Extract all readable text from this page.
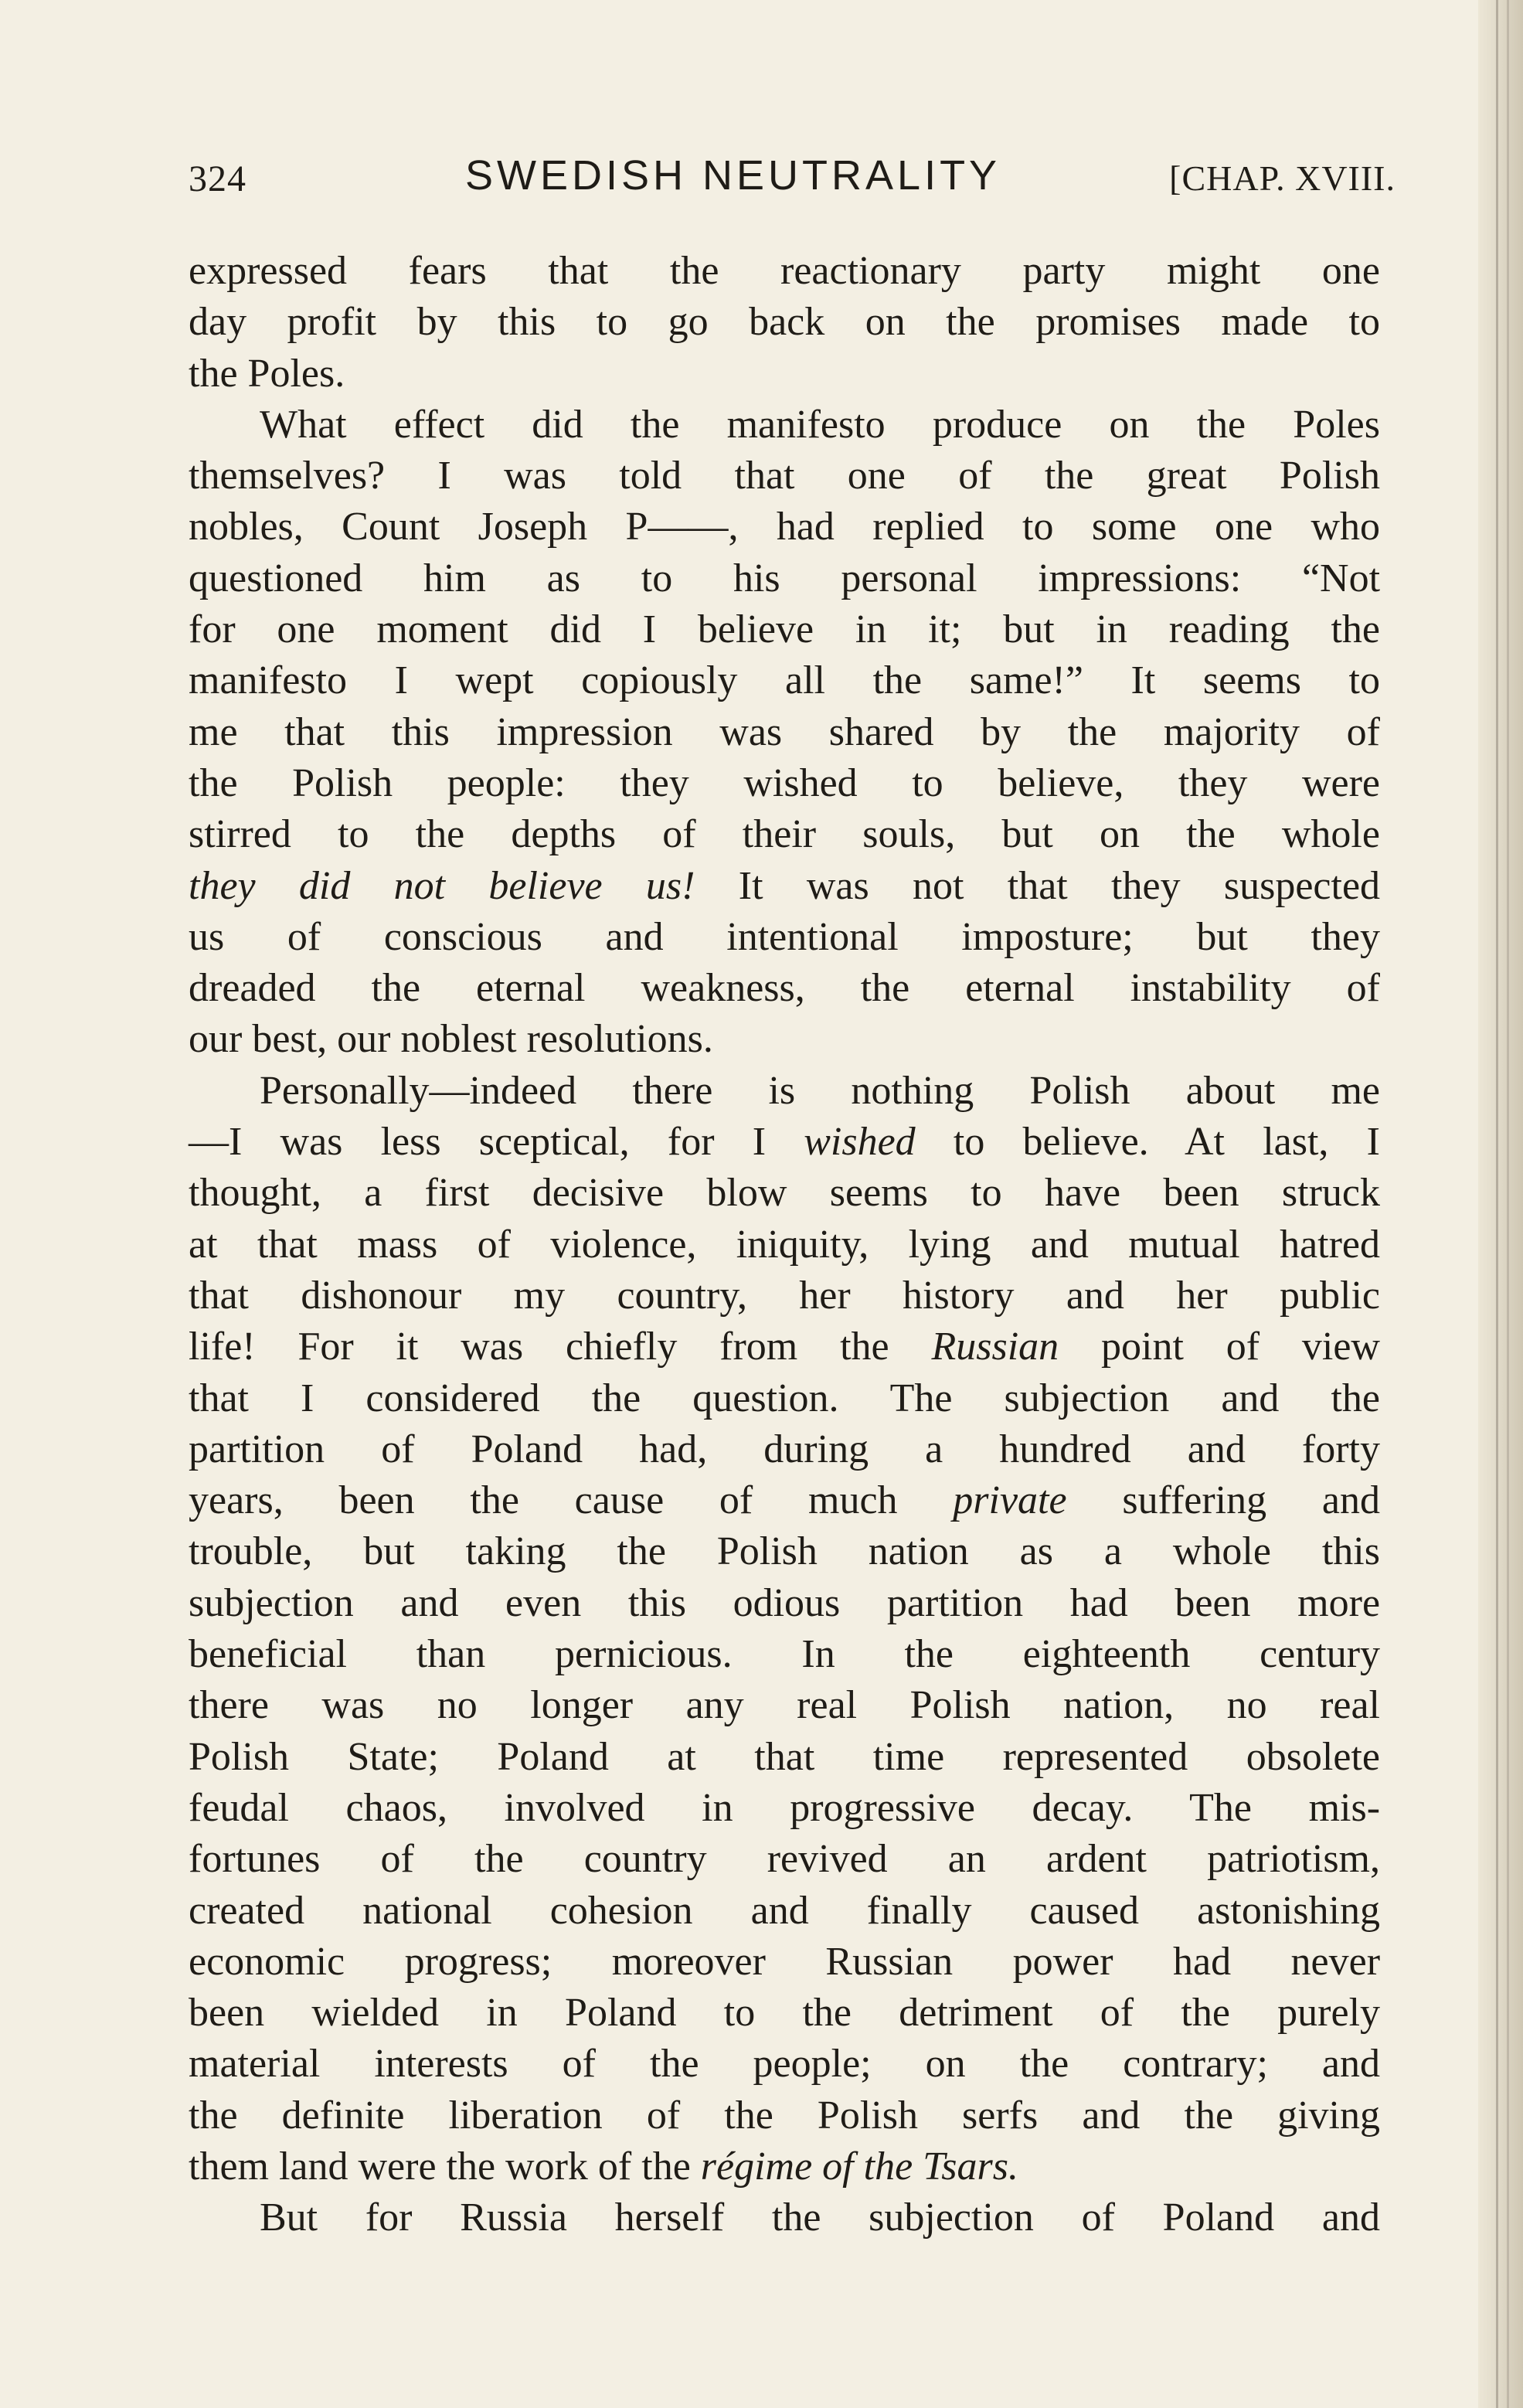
324	SWEDISH NEUTRALITY	[CHAP. XVIII.
expressed fears that the reactionary party might one
day profit by this to go back on the promises made to
the Poles.
What effect did the manifesto produce on the Poles
themselves? I was told that one of the great Polish
nobles, Count Joseph P——, had replied to some one who
questioned him as to his personal impressions: “Not
for one moment did I believe in it; but in reading the
manifesto I wept copiously all the same!” It seems to
me that this impression was shared by the majority of
the Polish people: they wished to believe, they were
stirred to the depths of their souls, but on the whole
they did not believe us! It was not that they suspected
us of conscious and intentional imposture; but they
dreaded the eternal weakness, the eternal instability of
our best, our noblest resolutions.
Personally—indeed there is nothing Polish about me
—I was less sceptical, for I wished to believe. At last, I
thought, a first decisive blow seems to have been struck
at that mass of violence, iniquity, lying and mutual hatred
that dishonour my country, her history and her public
life! For it was chiefly from the Russian point of view
that I considered the question. The subjection and the
partition of Poland had, during a hundred and forty
years, been the cause of much private suffering and
trouble, but taking the Polish nation as a whole this
subjection and even this odious partition had been more
beneficial than pernicious. In the eighteenth century
there was no longer any real Polish nation, no real
Polish State; Poland at that time represented obsolete
feudal chaos, involved in progressive decay. The mis-
fortunes of the country revived an ardent patriotism,
created national cohesion and finally caused astonishing
economic progress; moreover Russian power had never
been wielded in Poland to the detriment of the purely
material interests of the people; on the contrary; and
the definite liberation of the Polish serfs and the giving
them land were the work of the régime of the Tsars.
But for Russia herself the subjection of Poland and
